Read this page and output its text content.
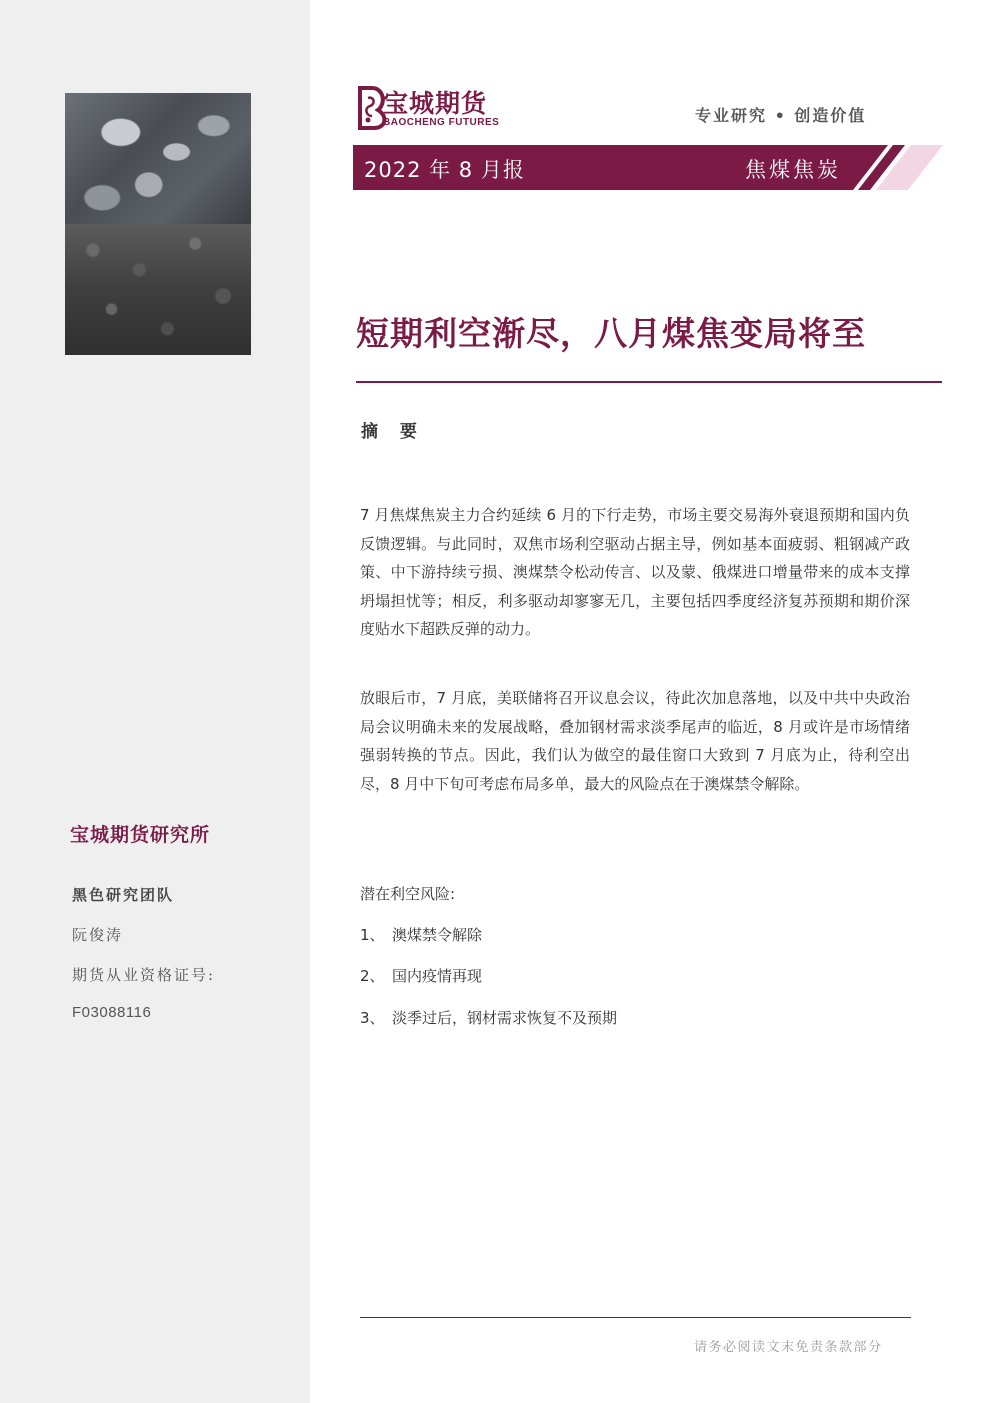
宝城期货研究所
黑色研究团队
阮俊涛
期货从业资格证号:
F03088116
宝城期货
BAOCHENG FUTURES	专业研究 • 创造价值
2022 年 8 月报	焦煤焦炭
短期利空渐尽，八月煤焦变局将至
摘 要

7 月焦煤焦炭主力合约延续 6 月的下行走势，市场主要交易海外衰退预期和国内负反馈逻辑。与此同时，双焦市场利空驱动占据主导，例如基本面疲弱、粗钢减产政策、中下游持续亏损、澳煤禁令松动传言、以及蒙、俄煤进口增量带来的成本支撑坍塌担忧等；相反，利多驱动却寥寥无几，主要包括四季度经济复苏预期和期价深度贴水下超跌反弹的动力。

放眼后市，7 月底，美联储将召开议息会议，待此次加息落地，以及中共中央政治局会议明确未来的发展战略，叠加钢材需求淡季尾声的临近，8 月或许是市场情绪强弱转换的节点。因此，我们认为做空的最佳窗口大致到 7 月底为止，待利空出尽，8 月中下旬可考虑布局多单，最大的风险点在于澳煤禁令解除。

潜在利空风险:
1、 澳煤禁令解除
2、 国内疫情再现
3、 淡季过后，钢材需求恢复不及预期
请务必阅读文末免责条款部分
